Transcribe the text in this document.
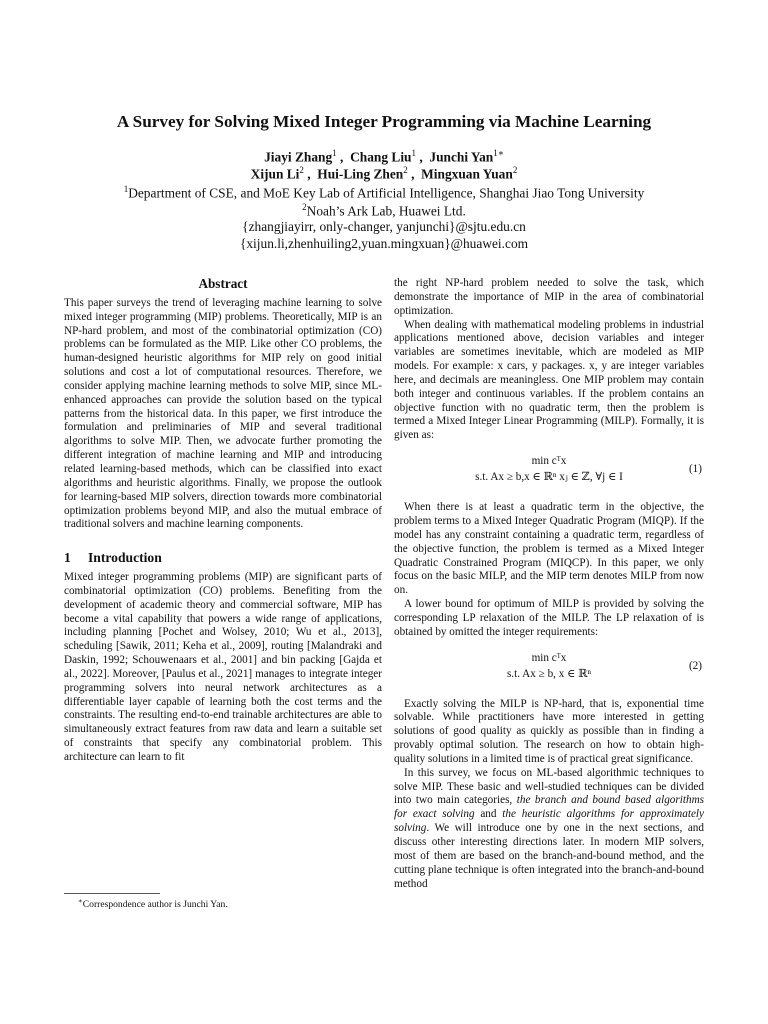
A Survey for Solving Mixed Integer Programming via Machine Learning
Jiayi Zhang$^1$ ,  Chang Liu$^1$ ,  Junchi Yan$^{1∗}$
Xijun Li$^2$ ,  Hui-Ling Zhen$^2$ ,  Mingxuan Yuan$^2$
$^1$Department of CSE, and MoE Key Lab of Artificial Intelligence, Shanghai Jiao Tong University
$^2$Noah’s Ark Lab, Huawei Ltd.
{zhangjiayirr, only-changer, yanjunchi}@sjtu.edu.cn
{xijun.li,zhenhuiling2,yuan.mingxuan}@huawei.com
Abstract

This paper surveys the trend of leveraging machine learning to solve mixed integer programming (MIP) problems. Theoretically, MIP is an NP-hard problem, and most of the combinatorial optimization (CO) problems can be formulated as the MIP. Like other CO problems, the human-designed heuristic algorithms for MIP rely on good initial solutions and cost a lot of computational resources. Therefore, we consider applying machine learning methods to solve MIP, since ML-enhanced approaches can provide the solution based on the typical patterns from the historical data. In this paper, we first introduce the formulation and preliminaries of MIP and several traditional algorithms to solve MIP. Then, we advocate further promoting the different integration of machine learning and MIP and introducing related learning-based methods, which can be classified into exact algorithms and heuristic algorithms. Finally, we propose the outlook for learning-based MIP solvers, direction towards more combinatorial optimization problems beyond MIP, and also the mutual embrace of traditional solvers and machine learning components.

1 Introduction

Mixed integer programming problems (MIP) are significant parts of combinatorial optimization (CO) problems. Benefiting from the development of academic theory and commercial software, MIP has become a vital capability that powers a wide range of applications, including planning [Pochet and Wolsey, 2010; Wu et al., 2013], scheduling [Sawik, 2011; Keha et al., 2009], routing [Malandraki and Daskin, 1992; Schouwenaars et al., 2001] and bin packing [Gajda et al., 2022]. Moreover, [Paulus et al., 2021] manages to integrate integer programming solvers into neural network architectures as a differentiable layer capable of learning both the cost terms and the constraints. The resulting end-to-end trainable architectures are able to simultaneously extract features from raw data and learn a suitable set of constraints that specify any combinatorial problem. This architecture can learn to fit

the right NP-hard problem needed to solve the task, which demonstrate the importance of MIP in the area of combinatorial optimization.

When dealing with mathematical modeling problems in industrial applications mentioned above, decision variables and integer variables are sometimes inevitable, which are modeled as MIP models. For example: x cars, y packages. x, y are integer variables here, and decimals are meaningless. One MIP problem may contain both integer and continuous variables. If the problem contains an objective function with no quadratic term, then the problem is termed a Mixed Integer Linear Programming (MILP). Formally, it is given as:

min cᵀx
s.t. Ax ≥ b,x ∈ ℝⁿ xⱼ ∈ ℤ, ∀j ∈ I
(1)

When there is at least a quadratic term in the objective, the problem terms to a Mixed Integer Quadratic Program (MIQP). If the model has any constraint containing a quadratic term, regardless of the objective function, the problem is termed as a Mixed Integer Quadratic Constrained Program (MIQCP). In this paper, we only focus on the basic MILP, and the MIP term denotes MILP from now on.

A lower bound for optimum of MILP is provided by solving the corresponding LP relaxation of the MILP. The LP relaxation of is obtained by omitted the integer requirements:

min cᵀx
s.t. Ax ≥ b, x ∈ ℝⁿ
(2)

Exactly solving the MILP is NP-hard, that is, exponential time solvable. While practitioners have more interested in getting solutions of good quality as quickly as possible than in finding a provably optimal solution. The research on how to obtain high-quality solutions in a limited time is of practical great significance.

In this survey, we focus on ML-based algorithmic techniques to solve MIP. These basic and well-studied techniques can be divided into two main categories, the branch and bound based algorithms for exact solving and the heuristic algorithms for approximately solving. We will introduce one by one in the next sections, and discuss other interesting directions later. In modern MIP solvers, most of them are based on the branch-and-bound method, and the cutting plane technique is often integrated into the branch-and-bound method

∗Correspondence author is Junchi Yan.
